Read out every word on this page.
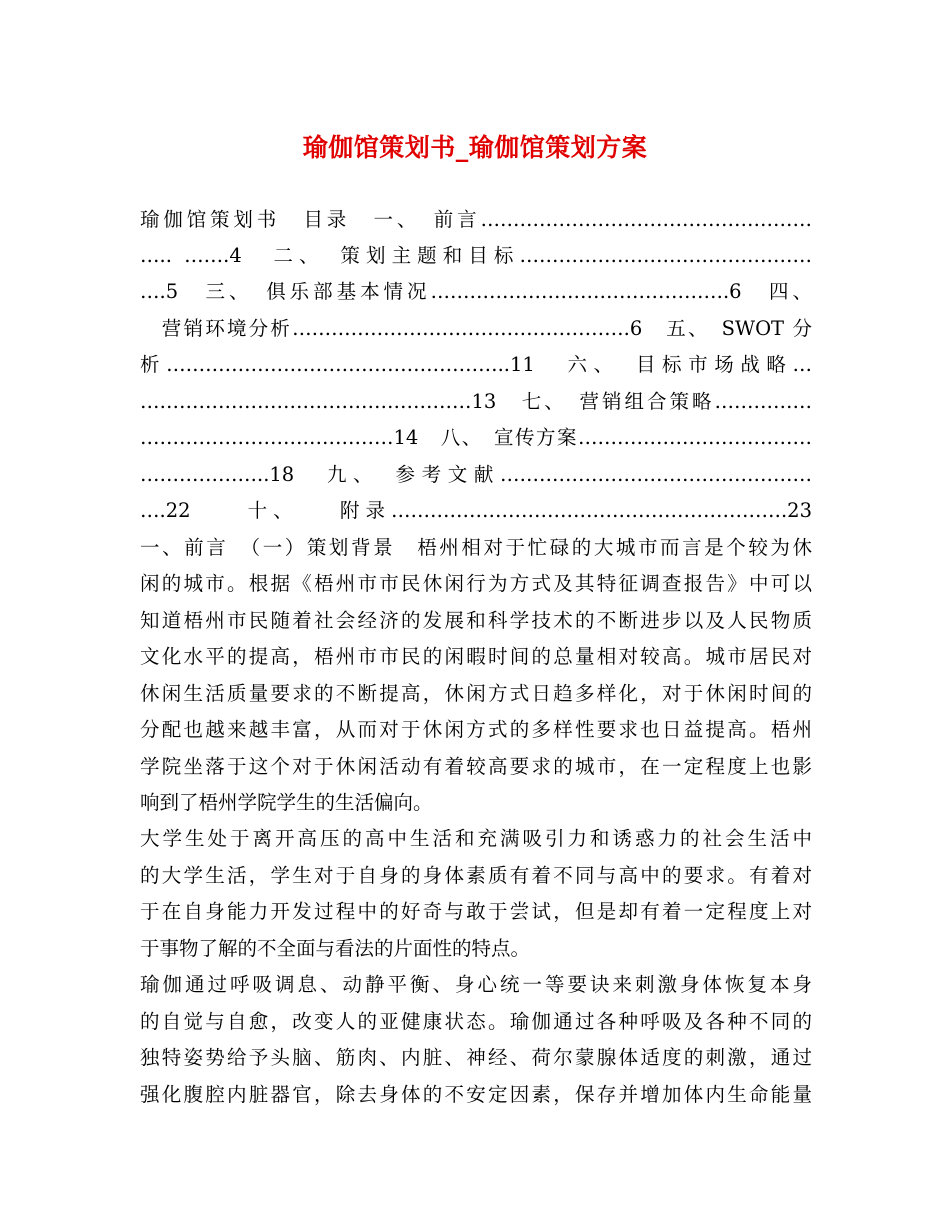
瑜伽馆策划书_瑜伽馆策划方案
瑜伽馆策划书　目录　一、　前言……………………………………………
….. …….4　二、　策划主题和目标………………………………………
….5　三、　俱乐部基本情况……………………………………….6　四、
　营销环境分析…………………………………………….6　五、　SWOT 分
析……………………………………………..11　六、　目标市场战略…
……………………………………………13　七、　营销组合策略……………
…………………………………14　八、　宣传方案………………………………
………………..18　九、　参考文献…………………………………………
….22　　十、　　附录…………………………………………………….23
一、前言　（一）策划背景　梧州相对于忙碌的大城市而言是个较为休
闲的城市。根据《梧州市市民休闲行为方式及其特征调查报告》中可以
知道梧州市民随着社会经济的发展和科学技术的不断进步以及人民物质
文化水平的提高，梧州市市民的闲暇时间的总量相对较高。城市居民对
休闲生活质量要求的不断提高，休闲方式日趋多样化，对于休闲时间的
分配也越来越丰富，从而对于休闲方式的多样性要求也日益提高。梧州
学院坐落于这个对于休闲活动有着较高要求的城市，在一定程度上也影
响到了梧州学院学生的生活偏向。
大学生处于离开高压的高中生活和充满吸引力和诱惑力的社会生活中
的大学生活，学生对于自身的身体素质有着不同与高中的要求。有着对
于在自身能力开发过程中的好奇与敢于尝试，但是却有着一定程度上对
于事物了解的不全面与看法的片面性的特点。
瑜伽通过呼吸调息、动静平衡、身心统一等要诀来刺激身体恢复本身
的自觉与自愈，改变人的亚健康状态。瑜伽通过各种呼吸及各种不同的
独特姿势给予头脑、筋肉、内脏、神经、荷尔蒙腺体适度的刺激，通过
强化腹腔内脏器官，除去身体的不安定因素，保存并增加体内生命能量
